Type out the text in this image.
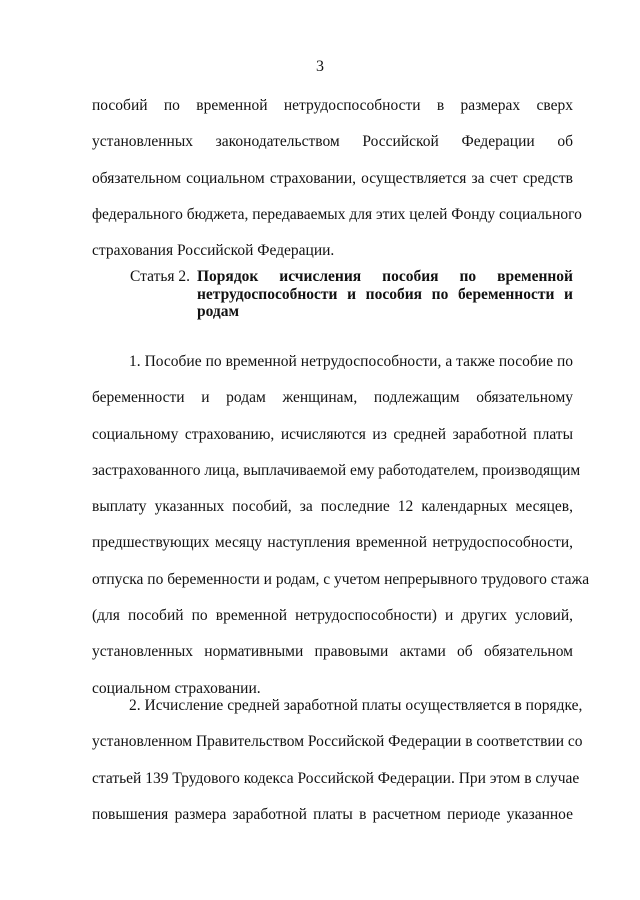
3
пособий по временной нетрудоспособности в размерах сверх
установленных законодательством Российской Федерации об
обязательном социальном страховании, осуществляется за счет средств
федерального бюджета, передаваемых для этих целей Фонду социального
страхования Российской Федерации.
Статья 2. Порядок исчисления пособия по временной
нетрудоспособности и пособия по беременности и
родам
1. Пособие по временной нетрудоспособности, а также пособие по
беременности и родам женщинам, подлежащим обязательному
социальному страхованию, исчисляются из средней заработной платы
застрахованного лица, выплачиваемой ему работодателем, производящим
выплату указанных пособий, за последние 12 календарных месяцев,
предшествующих месяцу наступления временной нетрудоспособности,
отпуска по беременности и родам, с учетом непрерывного трудового стажа
(для пособий по временной нетрудоспособности) и других условий,
установленных нормативными правовыми актами об обязательном
социальном страховании.
2. Исчисление средней заработной платы осуществляется в порядке,
установленном Правительством Российской Федерации в соответствии со
статьей 139 Трудового кодекса Российской Федерации. При этом в случае
повышения размера заработной платы в расчетном периоде указанное
